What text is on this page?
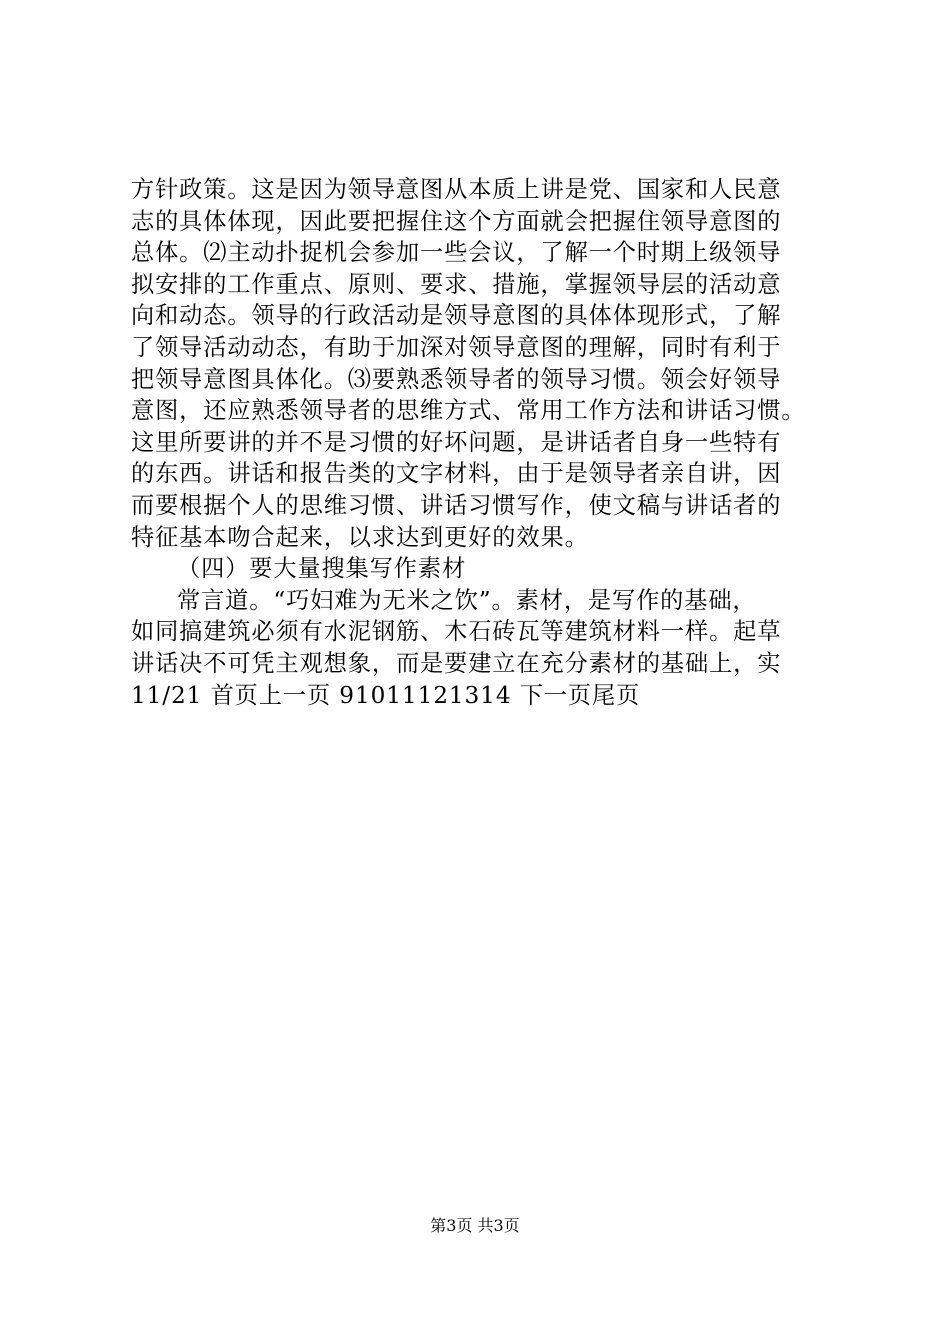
方针政策。这是因为领导意图从本质上讲是党、国家和人民意
志的具体体现，因此要把握住这个方面就会把握住领导意图的
总体。⑵主动扑捉机会参加一些会议，了解一个时期上级领导
拟安排的工作重点、原则、要求、措施，掌握领导层的活动意
向和动态。领导的行政活动是领导意图的具体体现形式，了解
了领导活动动态，有助于加深对领导意图的理解，同时有利于
把领导意图具体化。⑶要熟悉领导者的领导习惯。领会好领导
意图，还应熟悉领导者的思维方式、常用工作方法和讲话习惯。
这里所要讲的并不是习惯的好坏问题，是讲话者自身一些特有
的东西。讲话和报告类的文字材料，由于是领导者亲自讲，因
而要根据个人的思维习惯、讲话习惯写作，使文稿与讲话者的
特征基本吻合起来，以求达到更好的效果。
（四）要大量搜集写作素材
常言道。“巧妇难为无米之饮”。素材，是写作的基础，
如同搞建筑必须有水泥钢筋、木石砖瓦等建筑材料一样。起草
讲话决不可凭主观想象，而是要建立在充分素材的基础上，实
11/21 首页上一页 91011121314 下一页尾页
第3页 共3页
